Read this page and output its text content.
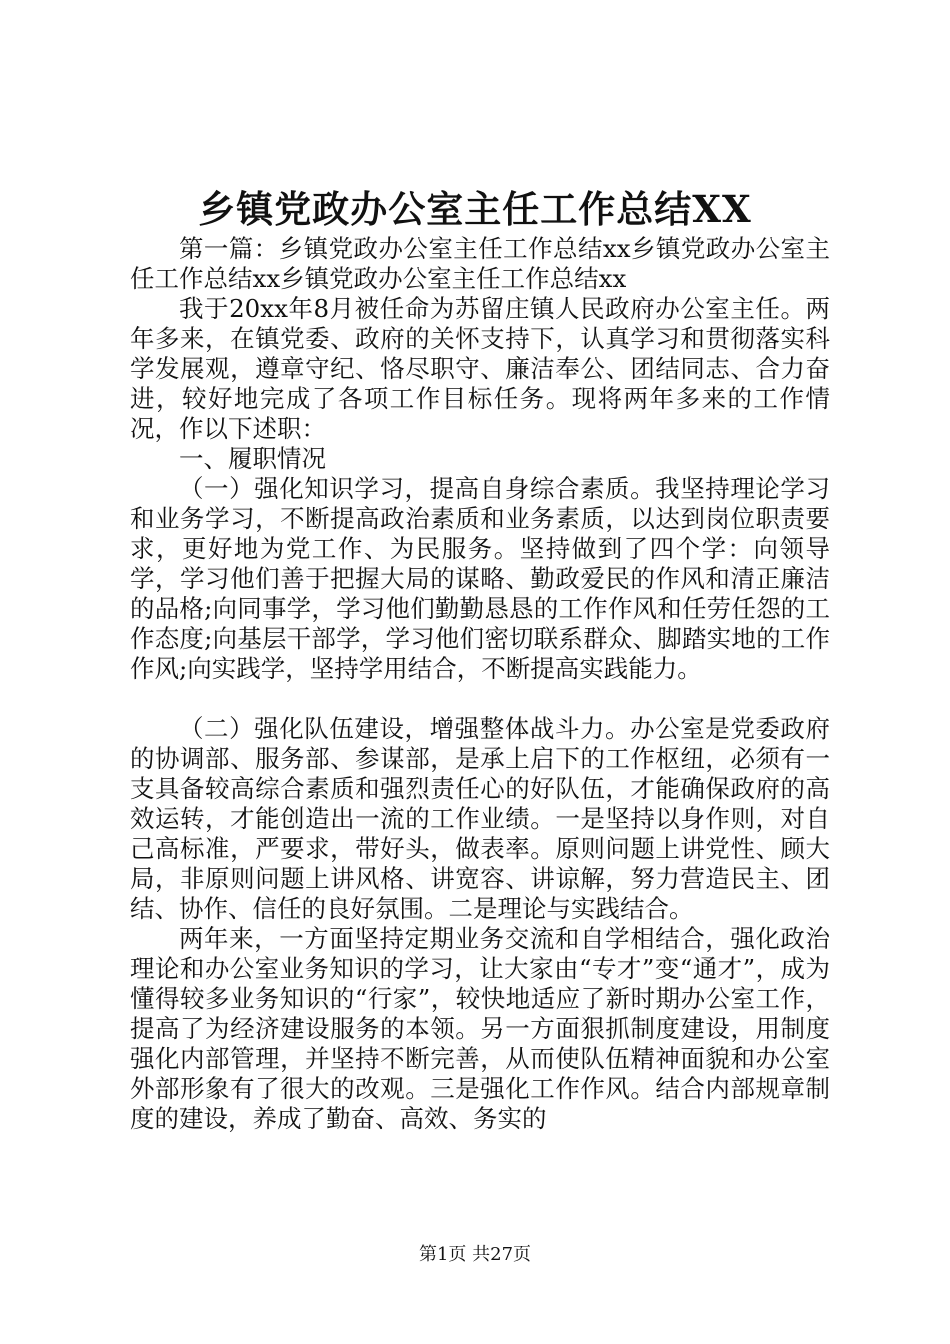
乡镇党政办公室主任工作总结XX

第一篇：乡镇党政办公室主任工作总结xx乡镇党政办公室主任工作总结xx乡镇党政办公室主任工作总结xx

我于20xx年8月被任命为苏留庄镇人民政府办公室主任。两年多来，在镇党委、政府的关怀支持下，认真学习和贯彻落实科学发展观，遵章守纪、恪尽职守、廉洁奉公、团结同志、合力奋进，较好地完成了各项工作目标任务。现将两年多来的工作情况，作以下述职：

一、履职情况

（一）强化知识学习，提高自身综合素质。我坚持理论学习和业务学习，不断提高政治素质和业务素质，以达到岗位职责要求，更好地为党工作、为民服务。坚持做到了四个学：向领导学，学习他们善于把握大局的谋略、勤政爱民的作风和清正廉洁的品格;向同事学，学习他们勤勤恳恳的工作作风和任劳任怨的工作态度;向基层干部学，学习他们密切联系群众、脚踏实地的工作作风;向实践学，坚持学用结合，不断提高实践能力。

（二）强化队伍建设，增强整体战斗力。办公室是党委政府的协调部、服务部、参谋部，是承上启下的工作枢纽，必须有一支具备较高综合素质和强烈责任心的好队伍，才能确保政府的高效运转，才能创造出一流的工作业绩。一是坚持以身作则，对自己高标准，严要求，带好头，做表率。原则问题上讲党性、顾大局，非原则问题上讲风格、讲宽容、讲谅解，努力营造民主、团结、协作、信任的良好氛围。二是理论与实践结合。

两年来，一方面坚持定期业务交流和自学相结合，强化政治理论和办公室业务知识的学习，让大家由“专才”变“通才”，成为懂得较多业务知识的“行家”，较快地适应了新时期办公室工作，提高了为经济建设服务的本领。另一方面狠抓制度建设，用制度强化内部管理，并坚持不断完善，从而使队伍精神面貌和办公室外部形象有了很大的改观。三是强化工作作风。结合内部规章制度的建设，养成了勤奋、高效、务实的

第1页 共27页
